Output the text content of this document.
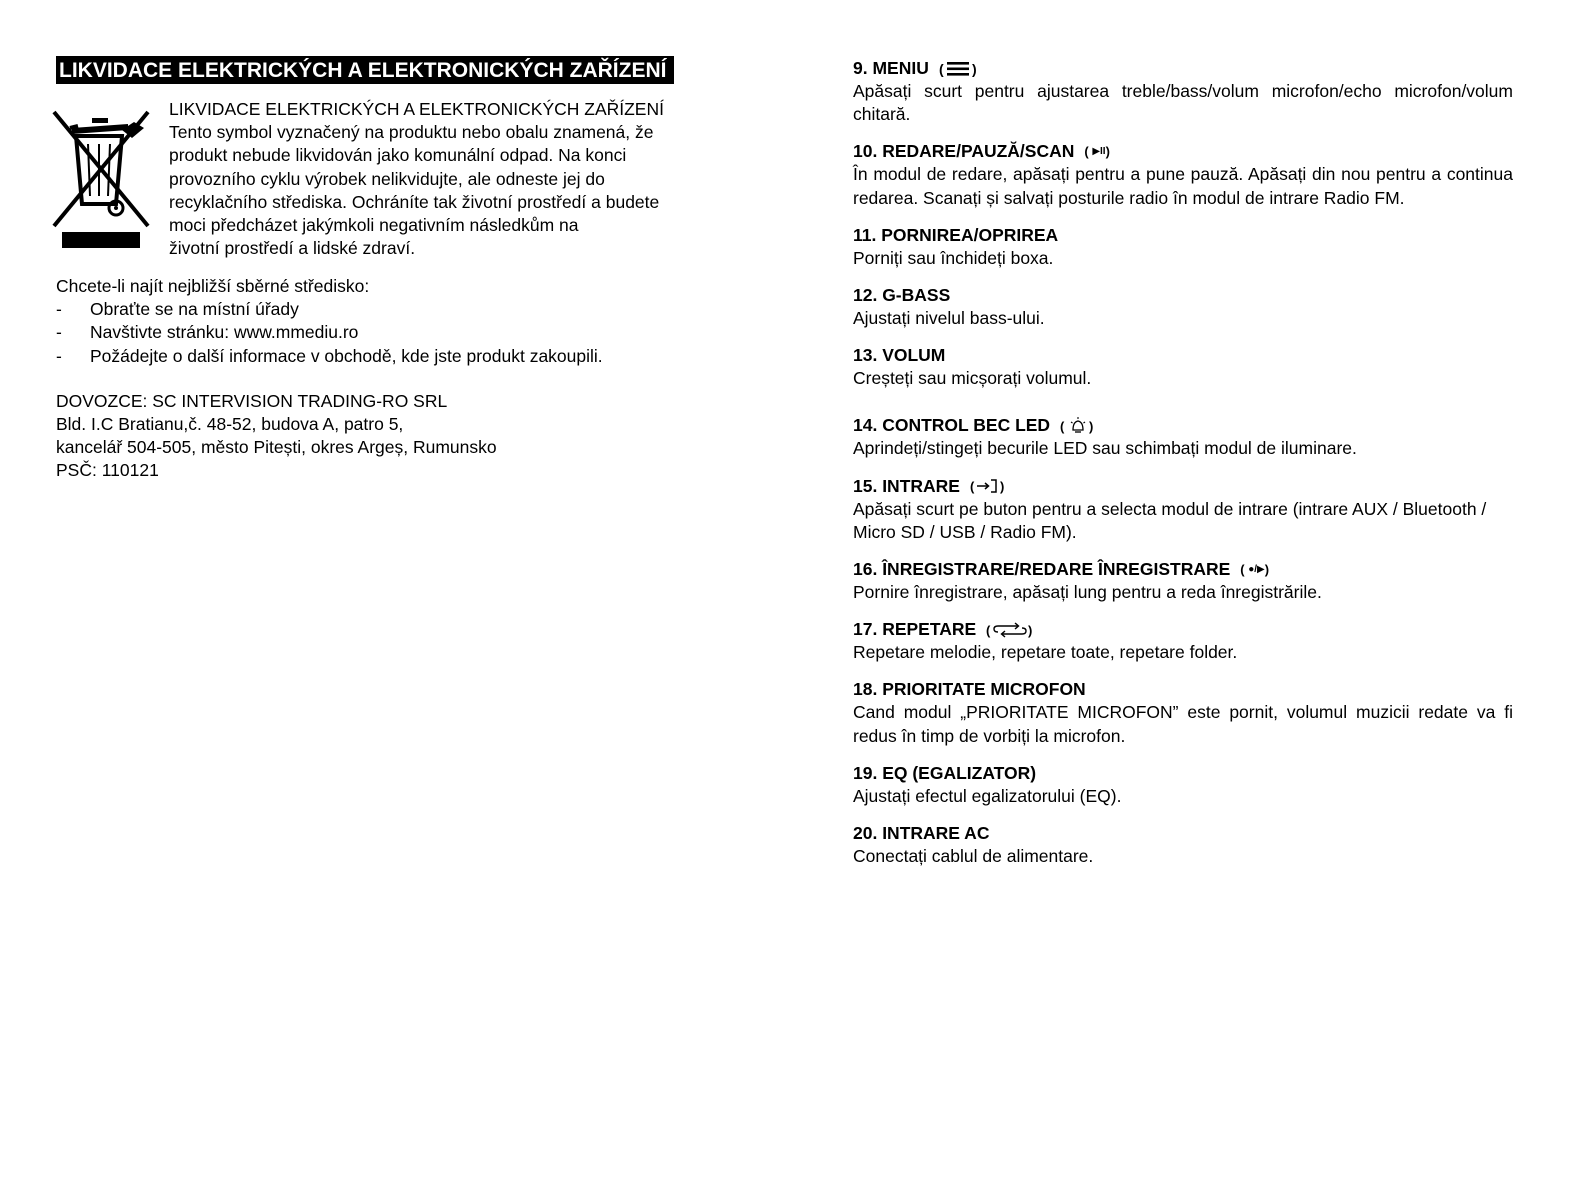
LIKVIDACE ELEKTRICKÝCH A ELEKTRONICKÝCH ZAŘÍZENÍ
LIKVIDACE ELEKTRICKÝCH A ELEKTRONICKÝCH ZAŘÍZENÍ
Tento symbol vyznačený na produktu nebo obalu znamená, že
produkt nebude likvidován jako komunální odpad. Na konci
provozního cyklu výrobek nelikvidujte, ale odneste jej do
recyklačního střediska. Ochráníte tak životní prostředí a budete
moci předcházet jakýmkoli negativním následkům na
životní prostředí a lidské zdraví.
Chcete-li najít nejbližší sběrné středisko:
- Obraťte se na místní úřady
- Navštivte stránku: www.mmediu.ro
- Požádejte o další informace v obchodě, kde jste produkt zakoupili.
DOVOZCE: SC INTERVISION TRADING-RO SRL
Bld. I.C Bratianu,č. 48-52, budova A, patro 5,
kancelář 504-505, město Pitești, okres Argeș, Rumunsko
PSČ: 110121
9. MENIU ( )
Apăsați scurt pentru ajustarea treble/bass/volum microfon/echo microfon/volum chitară.
10. REDARE/PAUZĂ/SCAN ( ▶II )
În modul de redare, apăsați pentru a pune pauză. Apăsați din nou pentru a continua redarea. Scanați și salvați posturile radio în modul de intrare Radio FM.
11. PORNIREA/OPRIREA
Porniți sau închideți boxa.
12. G-BASS
Ajustați nivelul bass-ului.
13. VOLUM
Creșteți sau micșorați volumul.
14. CONTROL BEC LED ( )
Aprindeți/stingeți becurile LED sau schimbați modul de iluminare.
15. INTRARE ( )
Apăsați scurt pe buton pentru a selecta modul de intrare (intrare AUX / Bluetooth / Micro SD / USB / Radio FM).
16. ÎNREGISTRARE/REDARE ÎNREGISTRARE ( ●/▶ )
Pornire înregistrare, apăsați lung pentru a reda înregistrările.
17. REPETARE (	)
Repetare melodie, repetare toate, repetare folder.
18. PRIORITATE MICROFON
Cand modul „PRIORITATE MICROFON” este pornit, volumul muzicii redate va fi redus în timp de vorbiți la microfon.
19. EQ (EGALIZATOR)
Ajustați efectul egalizatorului (EQ).
20. INTRARE AC
Conectați cablul de alimentare.
